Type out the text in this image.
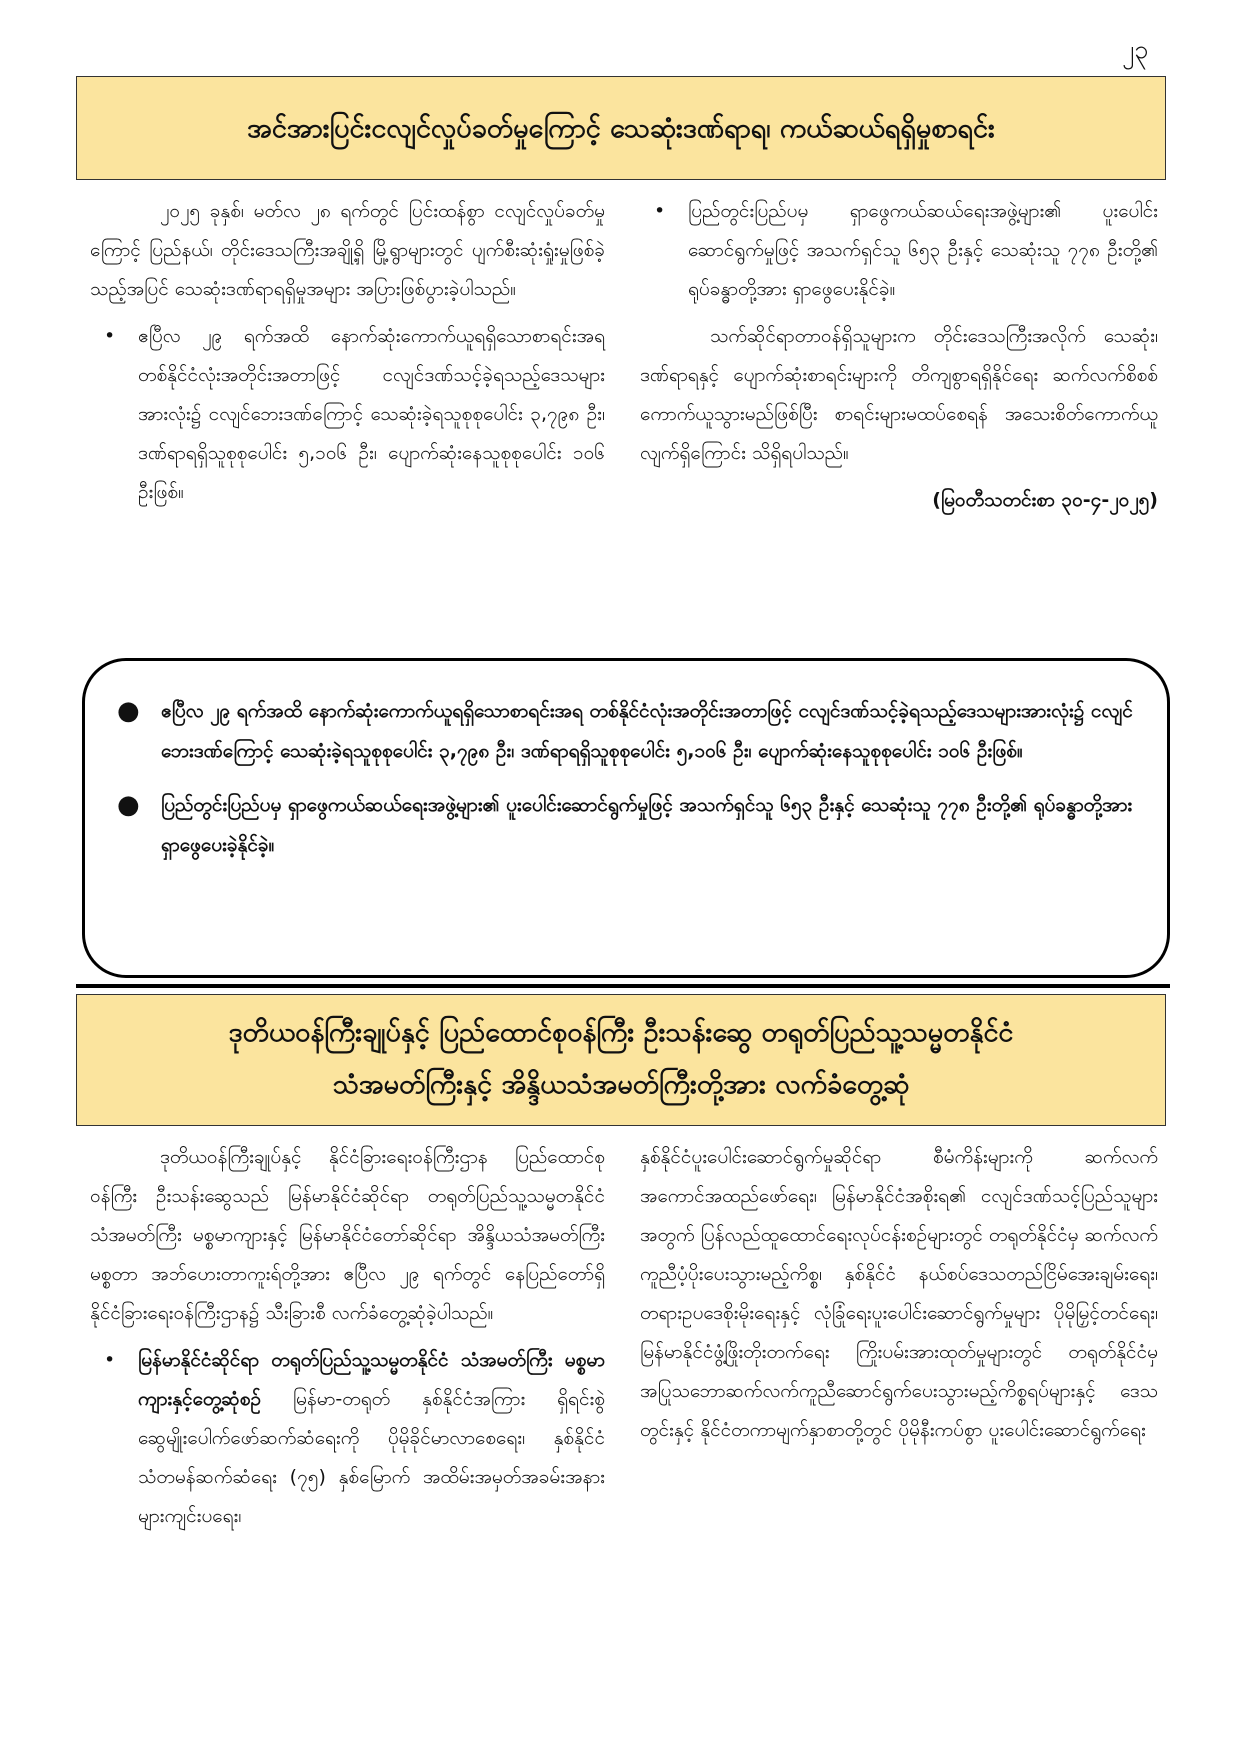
၂၃
အင်အားပြင်းငလျင်လှုပ်ခတ်မှုကြောင့် သေဆုံးဒဏ်ရာရ၊ ကယ်ဆယ်ရရှိမှုစာရင်း

၂၀၂၅ ခုနှစ်၊ မတ်လ ၂၈ ရက်တွင် ပြင်းထန်စွာ ငလျင်လှုပ်ခတ်မှုကြောင့် ပြည်နယ်၊ တိုင်းဒေသကြီးအချို့ရှိ မြို့ရွာများတွင် ပျက်စီးဆုံးရှုံးမှုဖြစ်ခဲ့သည့်အပြင် သေဆုံးဒဏ်ရာရရှိမှုအများ အပြားဖြစ်ပွားခဲ့ပါသည်။

• ဧပြီလ ၂၉ ရက်အထိ နောက်ဆုံးကောက်ယူရရှိသောစာရင်းအရ တစ်နိုင်ငံလုံးအတိုင်းအတာဖြင့် ငလျင်ဒဏ်သင့်ခဲ့ရသည့်ဒေသများအားလုံး၌ ငလျင်ဘေးဒဏ်ကြောင့် သေဆုံးခဲ့ရသူစုစုပေါင်း ၃,၇၉၈ ဦး၊ ဒဏ်ရာရရှိသူစုစုပေါင်း ၅,၁၀၆ ဦး၊ ပျောက်ဆုံးနေသူစုစုပေါင်း ၁၀၆ ဦးဖြစ်။
• ပြည်တွင်းပြည်ပမှ ရှာဖွေကယ်ဆယ်ရေးအဖွဲ့များ၏ ပူးပေါင်းဆောင်ရွက်မှုဖြင့် အသက်ရှင်သူ ၆၅၃ ဦးနှင့် သေဆုံးသူ ၇၇၈ ဦးတို့၏ ရုပ်ခန္ဓာတို့အား ရှာဖွေပေးနိုင်ခဲ့။

သက်ဆိုင်ရာတာဝန်ရှိသူများက တိုင်းဒေသကြီးအလိုက် သေဆုံး၊ ဒဏ်ရာရနှင့် ပျောက်ဆုံးစာရင်းများကို တိကျစွာရရှိနိုင်ရေး ဆက်လက်စိစစ်ကောက်ယူသွားမည်ဖြစ်ပြီး စာရင်းများမထပ်စေရန် အသေးစိတ်ကောက်ယူလျက်ရှိကြောင်း သိရှိရပါသည်။

(မြဝတီသတင်းစာ ၃၀-၄-၂၀၂၅)

● ဧပြီလ ၂၉ ရက်အထိ နောက်ဆုံးကောက်ယူရရှိသောစာရင်းအရ တစ်နိုင်ငံလုံးအတိုင်းအတာဖြင့် ငလျင်ဒဏ်သင့်ခဲ့ရသည့်ဒေသများအားလုံး၌ ငလျင်ဘေးဒဏ်ကြောင့် သေဆုံးခဲ့ရသူစုစုပေါင်း ၃,၇၉၈ ဦး၊ ဒဏ်ရာရရှိသူစုစုပေါင်း ၅,၁၀၆ ဦး၊ ပျောက်ဆုံးနေသူစုစုပေါင်း ၁၀၆ ဦးဖြစ်။
● ပြည်တွင်းပြည်ပမှ ရှာဖွေကယ်ဆယ်ရေးအဖွဲ့များ၏ ပူးပေါင်းဆောင်ရွက်မှုဖြင့် အသက်ရှင်သူ ၆၅၃ ဦးနှင့် သေဆုံးသူ ၇၇၈ ဦးတို့၏ ရုပ်ခန္ဓာတို့အား ရှာဖွေပေးခဲ့နိုင်ခဲ့။
ဒုတိယဝန်ကြီးချုပ်နှင့် ပြည်ထောင်စုဝန်ကြီး ဦးသန်းဆွေ တရုတ်ပြည်သူ့သမ္မတနိုင်ငံ
သံအမတ်ကြီးနှင့် အိန္ဒိယသံအမတ်ကြီးတို့အား လက်ခံတွေ့ဆုံ

ဒုတိယဝန်ကြီးချုပ်နှင့် နိုင်ငံခြားရေးဝန်ကြီးဌာန ပြည်ထောင်စုဝန်ကြီး ဦးသန်းဆွေသည် မြန်မာနိုင်ငံဆိုင်ရာ တရုတ်ပြည်သူ့သမ္မတနိုင်ငံ သံအမတ်ကြီး မစ္စမာကျားနှင့် မြန်မာနိုင်ငံတော်ဆိုင်ရာ အိန္ဒိယသံအမတ်ကြီး မစ္စတာ အဘ်ဟေးတာကူးရ်တို့အား ဧပြီလ ၂၉ ရက်တွင် နေပြည်တော်ရှိ နိုင်ငံခြားရေးဝန်ကြီးဌာန၌ သီးခြားစီ လက်ခံတွေ့ဆုံခဲ့ပါသည်။

• မြန်မာနိုင်ငံဆိုင်ရာ တရုတ်ပြည်သူ့သမ္မတနိုင်ငံ သံအမတ်ကြီး မစ္စမာကျားနှင့်တွေ့ဆုံစဉ် မြန်မာ-တရုတ် နှစ်နိုင်ငံအကြား ရှိရင်းစွဲဆွေမျိုးပေါက်ဖော်ဆက်ဆံရေးကို ပိုမိုခိုင်မာလာစေရေး၊ နှစ်နိုင်ငံ သံတမန်ဆက်ဆံရေး (၇၅) နှစ်မြောက် အထိမ်းအမှတ်အခမ်းအနားများကျင်းပရေး၊

နှစ်နိုင်ငံပူးပေါင်းဆောင်ရွက်မှုဆိုင်ရာ စီမံကိန်းများကို ဆက်လက်အကောင်အထည်ဖော်ရေး၊ မြန်မာနိုင်ငံအစိုးရ၏ ငလျင်ဒဏ်သင့်ပြည်သူများအတွက် ပြန်လည်ထူထောင်ရေးလုပ်ငန်းစဉ်များတွင် တရုတ်နိုင်ငံမှ ဆက်လက်ကူညီပံ့ပိုးပေးသွားမည့်ကိစ္စ၊ နှစ်နိုင်ငံ နယ်စပ်ဒေသတည်ငြိမ်အေးချမ်းရေး၊ တရားဥပဒေစိုးမိုးရေးနှင့် လုံခြုံရေးပူးပေါင်းဆောင်ရွက်မှုများ ပိုမိုမြှင့်တင်ရေး၊ မြန်မာနိုင်ငံဖွံ့ဖြိုးတိုးတက်ရေး ကြိုးပမ်းအားထုတ်မှုများတွင် တရုတ်နိုင်ငံမှ အပြုသဘောဆက်လက်ကူညီဆောင်ရွက်ပေးသွားမည့်ကိစ္စရပ်များနှင့် ဒေသတွင်းနှင့် နိုင်ငံတကာမျက်နှာစာတို့တွင် ပိုမိုနီးကပ်စွာ ပူးပေါင်းဆောင်ရွက်ရေး
